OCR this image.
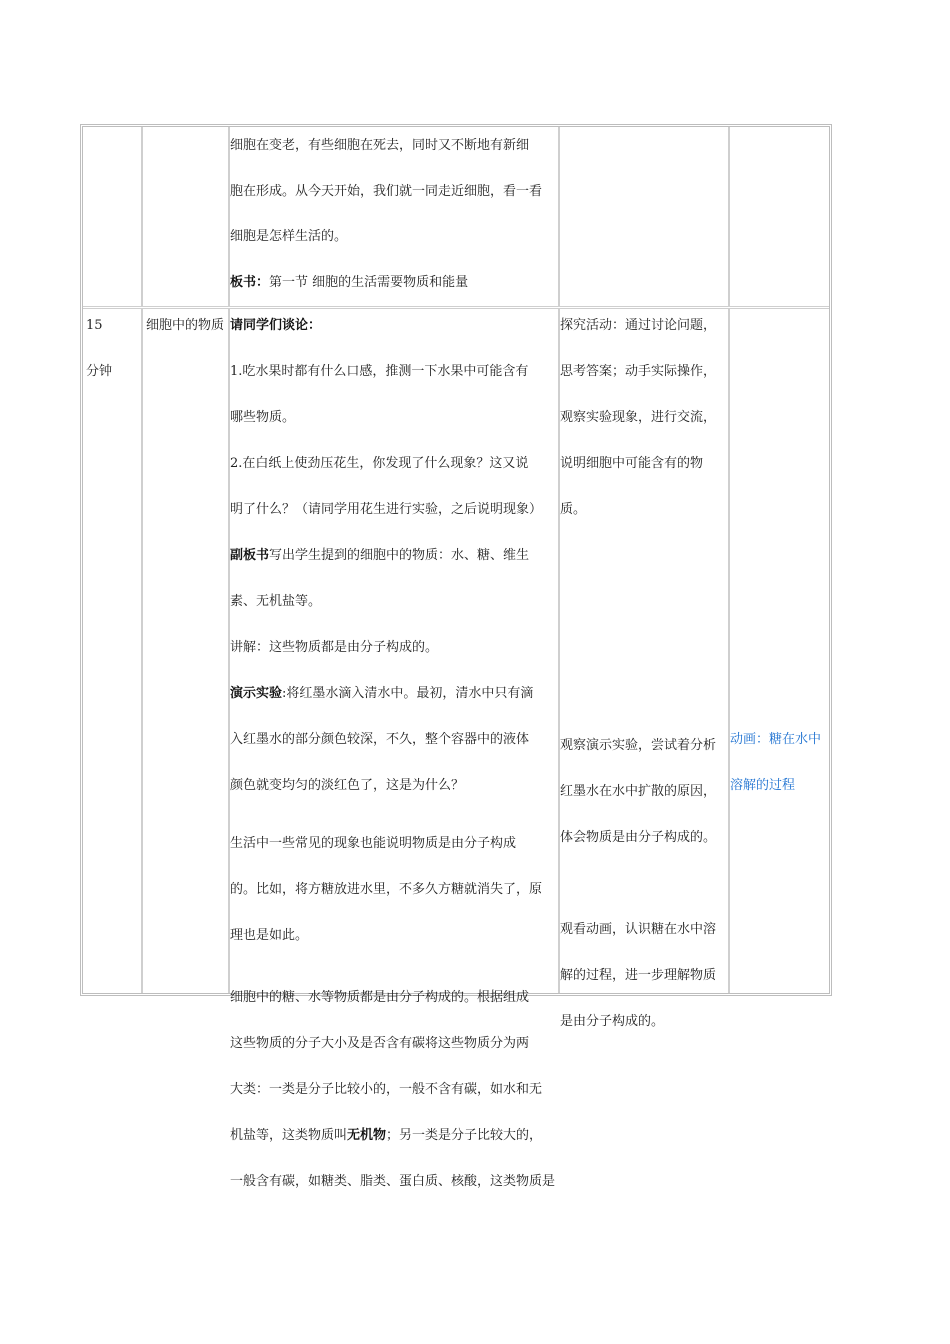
细胞在变老，有些细胞在死去，同时又不断地有新细
胞在形成。从今天开始，我们就一同走近细胞，看一看
细胞是怎样生活的。
板书：第一节 细胞的生活需要物质和能量
15
分钟
细胞中的物质 请同学们谈论：
1.吃水果时都有什么口感，推测一下水果中可能含有
哪些物质。
2.在白纸上使劲压花生，你发现了什么现象？这又说
明了什么？（请同学用花生进行实验，之后说明现象）
副板书写出学生提到的细胞中的物质：水、糖、维生
素、无机盐等。
讲解：这些物质都是由分子构成的。
演示实验:将红墨水滴入清水中。最初，清水中只有滴
入红墨水的部分颜色较深，不久，整个容器中的液体
颜色就变均匀的淡红色了，这是为什么？
生活中一些常见的现象也能说明物质是由分子构成
的。比如，将方糖放进水里，不多久方糖就消失了，原
理也是如此。
细胞中的糖、水等物质都是由分子构成的。根据组成
这些物质的分子大小及是否含有碳将这些物质分为两
大类：一类是分子比较小的，一般不含有碳，如水和无
机盐等，这类物质叫无机物；另一类是分子比较大的，
一般含有碳，如糖类、脂类、蛋白质、核酸，这类物质是
探究活动：通过讨论问题，
思考答案；动手实际操作，
观察实验现象，进行交流，
说明细胞中可能含有的物
质。
观察演示实验，尝试着分析
红墨水在水中扩散的原因，
体会物质是由分子构成的。
观看动画，认识糖在水中溶
解的过程，进一步理解物质
是由分子构成的。
动画：糖在水中
溶解的过程
